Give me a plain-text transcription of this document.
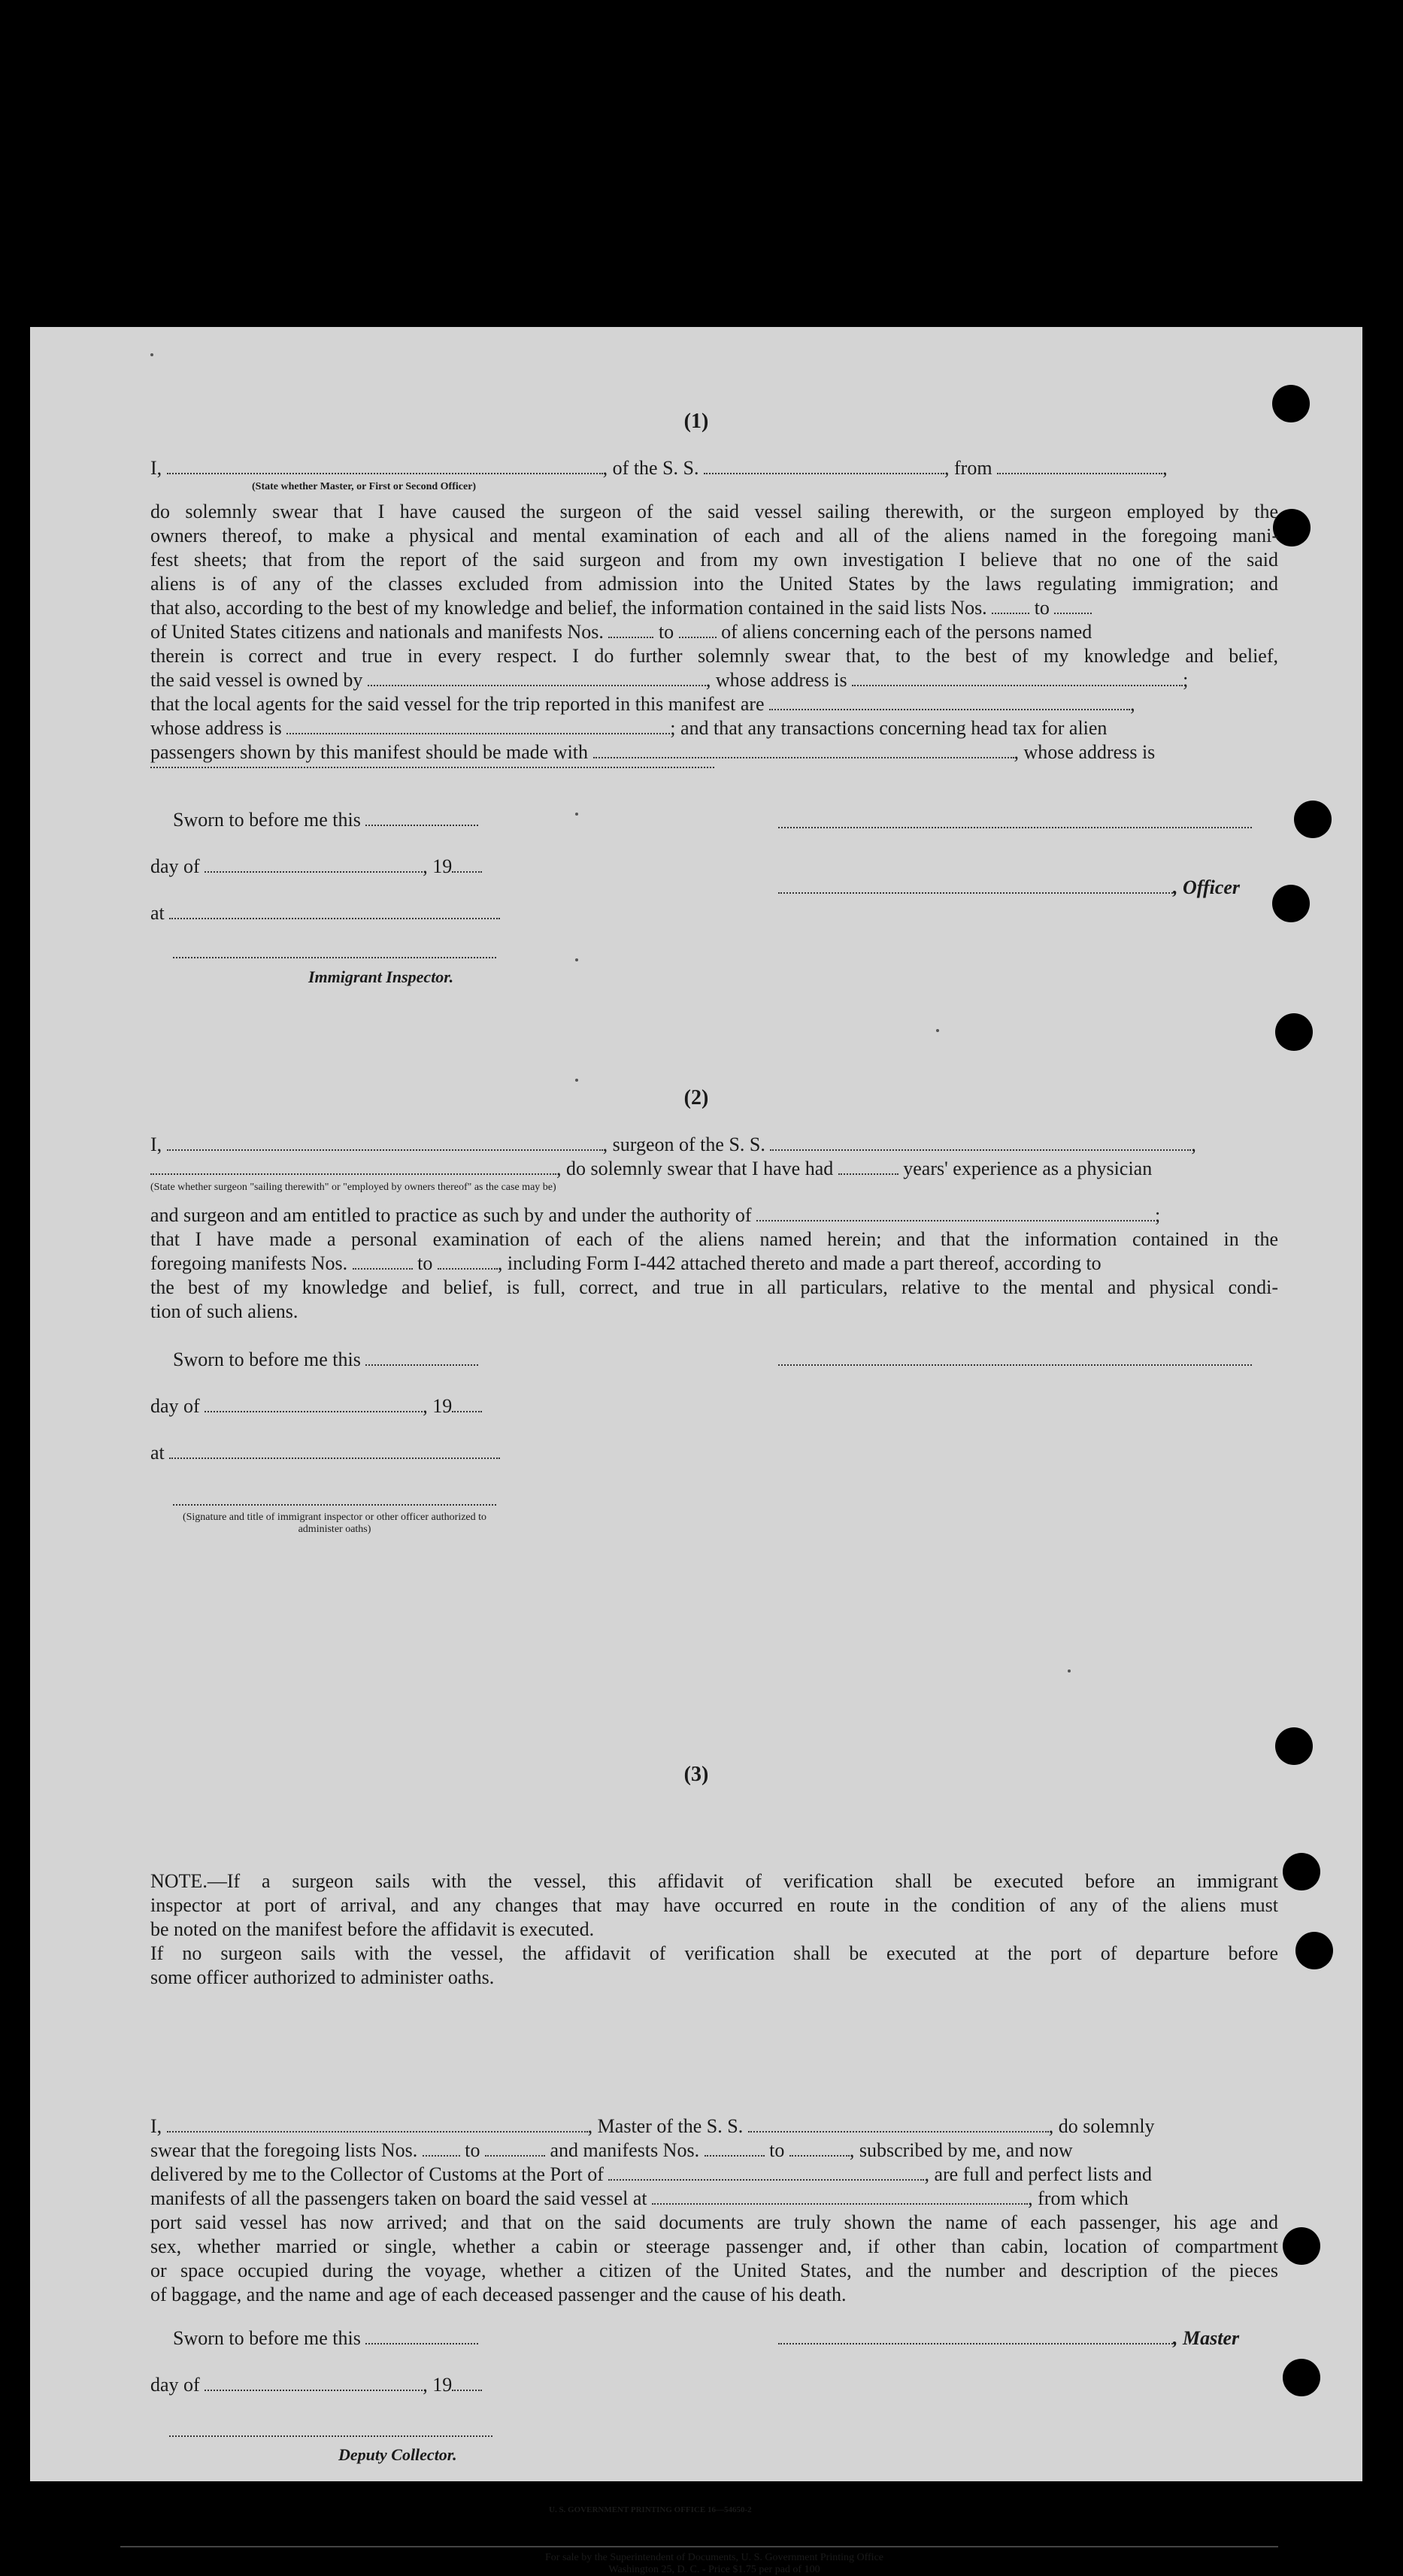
(1)
I,	, of the S. S.	, from	,
(State whether Master, or First or Second Officer)
do solemnly swear that I have caused the surgeon of the said vessel sailing therewith, or the surgeon employed by the
owners thereof, to make a physical and mental examination of each and all of the aliens named in the foregoing mani-
fest sheets; that from the report of the said surgeon and from my own investigation I believe that no one of the said
aliens is of any of the classes excluded from admission into the United States by the laws regulating immigration; and
that also, according to the best of my knowledge and belief, the information contained in the said lists Nos. to
of United States citizens and nationals and manifests Nos.	to of aliens concerning each of the persons named
therein is correct and true in every respect. I do further solemnly swear that, to the best of my knowledge and belief,
the said vessel is owned by	, whose address is	;
that the local agents for the said vessel for the trip reported in this manifest are	,
whose address is	; and that any transactions concerning head tax for alien
passengers shown by this manifest should be made with	, whose address is
Sworn to before me this
day of	, 19
, Officer
at
Immigrant Inspector.
(2)
I,	, surgeon of the S. S.	,
, do solemnly swear that I have had	years' experience as a physician
(State whether surgeon "sailing therewith" or "employed by owners thereof" as the case may be)
and surgeon and am entitled to practice as such by and under the authority of	;
that I have made a personal examination of each of the aliens named herein; and that the information contained in the
foregoing manifests Nos.	to	, including Form I-442 attached thereto and made a part thereof, according to
the best of my knowledge and belief, is full, correct, and true in all particulars, relative to the mental and physical condi-
tion of such aliens.
Sworn to before me this
day of	, 19
at
(Signature and title of immigrant inspector or other officer authorized to administer oaths)
NOTE.—If a surgeon sails with the vessel, this affidavit of verification shall be executed before an immigrant
inspector at port of arrival, and any changes that may have occurred en route in the condition of any of the aliens must
be noted on the manifest before the affidavit is executed.
If no surgeon sails with the vessel, the affidavit of verification shall be executed at the port of departure before
some officer authorized to administer oaths.
(3)
I,	, Master of the S. S.	, do solemnly
swear that the foregoing lists Nos. to	and manifests Nos.	to	, subscribed by me, and now
delivered by me to the Collector of Customs at the Port of	, are full and perfect lists and
manifests of all the passengers taken on board the said vessel at	, from which
port said vessel has now arrived; and that on the said documents are truly shown the name of each passenger, his age and
sex, whether married or single, whether a cabin or steerage passenger and, if other than cabin, location of compartment
or space occupied during the voyage, whether a citizen of the United States, and the number and description of the pieces
of baggage, and the name and age of each deceased passenger and the cause of his death.
Sworn to before me this	, Master
day of	, 19
Deputy Collector.
U. S. GOVERNMENT PRINTING OFFICE 16—54650-2
For sale by the Superintendent of Documents, U. S. Government Printing Office
Washington 25, D. C. - Price $1.75 per pad of 100
